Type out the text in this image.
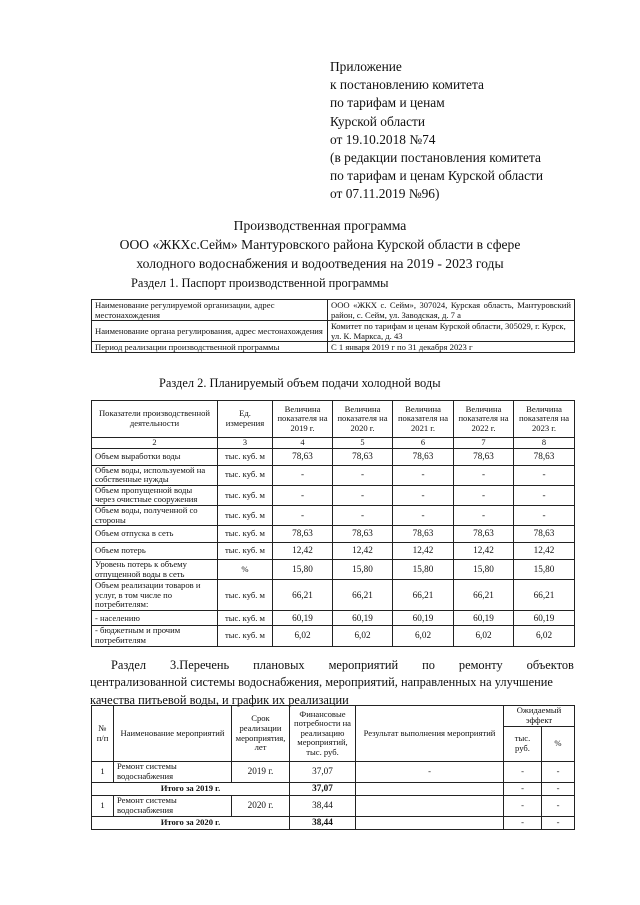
Приложение
к постановлению комитета
по тарифам и ценам
Курской области
от 19.10.2018 №74
(в редакции постановления комитета
по тарифам и ценам Курской области
от 07.11.2019 №96)
Производственная программа
ООО «ЖКХс.Сейм» Мантуровского района Курской области в сфере
холодного водоснабжения и водоотведения на 2019 - 2023 годы
Раздел 1. Паспорт производственной программы
Наименование регулируемой организации, адрес местонахождения	ООО «ЖКХ с. Сейм», 307024, Курская область, Мантуровский район, с. Сейм, ул. Заводская, д. 7 а
Наименование органа регулирования, адрес местонахождения	Комитет по тарифам и ценам Курской области, 305029, г. Курск, ул. К. Маркса, д. 43
Период реализации производственной программы	С 1 января 2019 г по 31 декабря 2023 г
Раздел 2. Планируемый объем подачи холодной воды
Показатели производственной деятельности	Ед. измерения	Величина показателя на 2019 г.	Величина показателя на 2020 г.	Величина показателя на 2021 г.	Величина показателя на 2022 г.	Величина показателя на 2023 г.
2	3	4	5	6	7	8
Объем выработки воды	тыс. куб. м	78,63	78,63	78,63	78,63	78,63
Объем воды, используемой на собственные нужды	тыс. куб. м	-	-	-	-	-
Объем пропущенной воды через очистные сооружения	тыс. куб. м	-	-	-	-	-
Объем воды, полученной со стороны	тыс. куб. м	-	-	-	-	-
Объем отпуска в сеть	тыс. куб. м	78,63	78,63	78,63	78,63	78,63
Объем потерь	тыс. куб. м	12,42	12,42	12,42	12,42	12,42
Уровень потерь к объему отпущенной воды в сеть	%	15,80	15,80	15,80	15,80	15,80
Объем реализации товаров и услуг, в том числе по потребителям:	тыс. куб. м	66,21	66,21	66,21	66,21	66,21
- населению	тыс. куб. м	60,19	60,19	60,19	60,19	60,19
- бюджетным и прочим потребителям	тыс. куб. м	6,02	6,02	6,02	6,02	6,02
Раздел 3.Перечень плановых мероприятий по ремонту объектов
централизованной системы водоснабжения, мероприятий, направленных на улучшение
качества питьевой воды, и график их реализации
№ п/п	Наименование мероприятий	Срок реализации мероприятия, лет	Финансовые потребности на реализацию мероприятий, тыс. руб.	Результат выполнения мероприятий	Ожидаемый эффект	
					тыс. руб.	%
1	Ремонт системы водоснабжения	2019 г.	37,07	-	-	-
Итого за 2019 г.			37,07		-	-
1	Ремонт системы водоснабжения	2020 г.	38,44		-	-
Итого за 2020 г.			38,44		-	-
